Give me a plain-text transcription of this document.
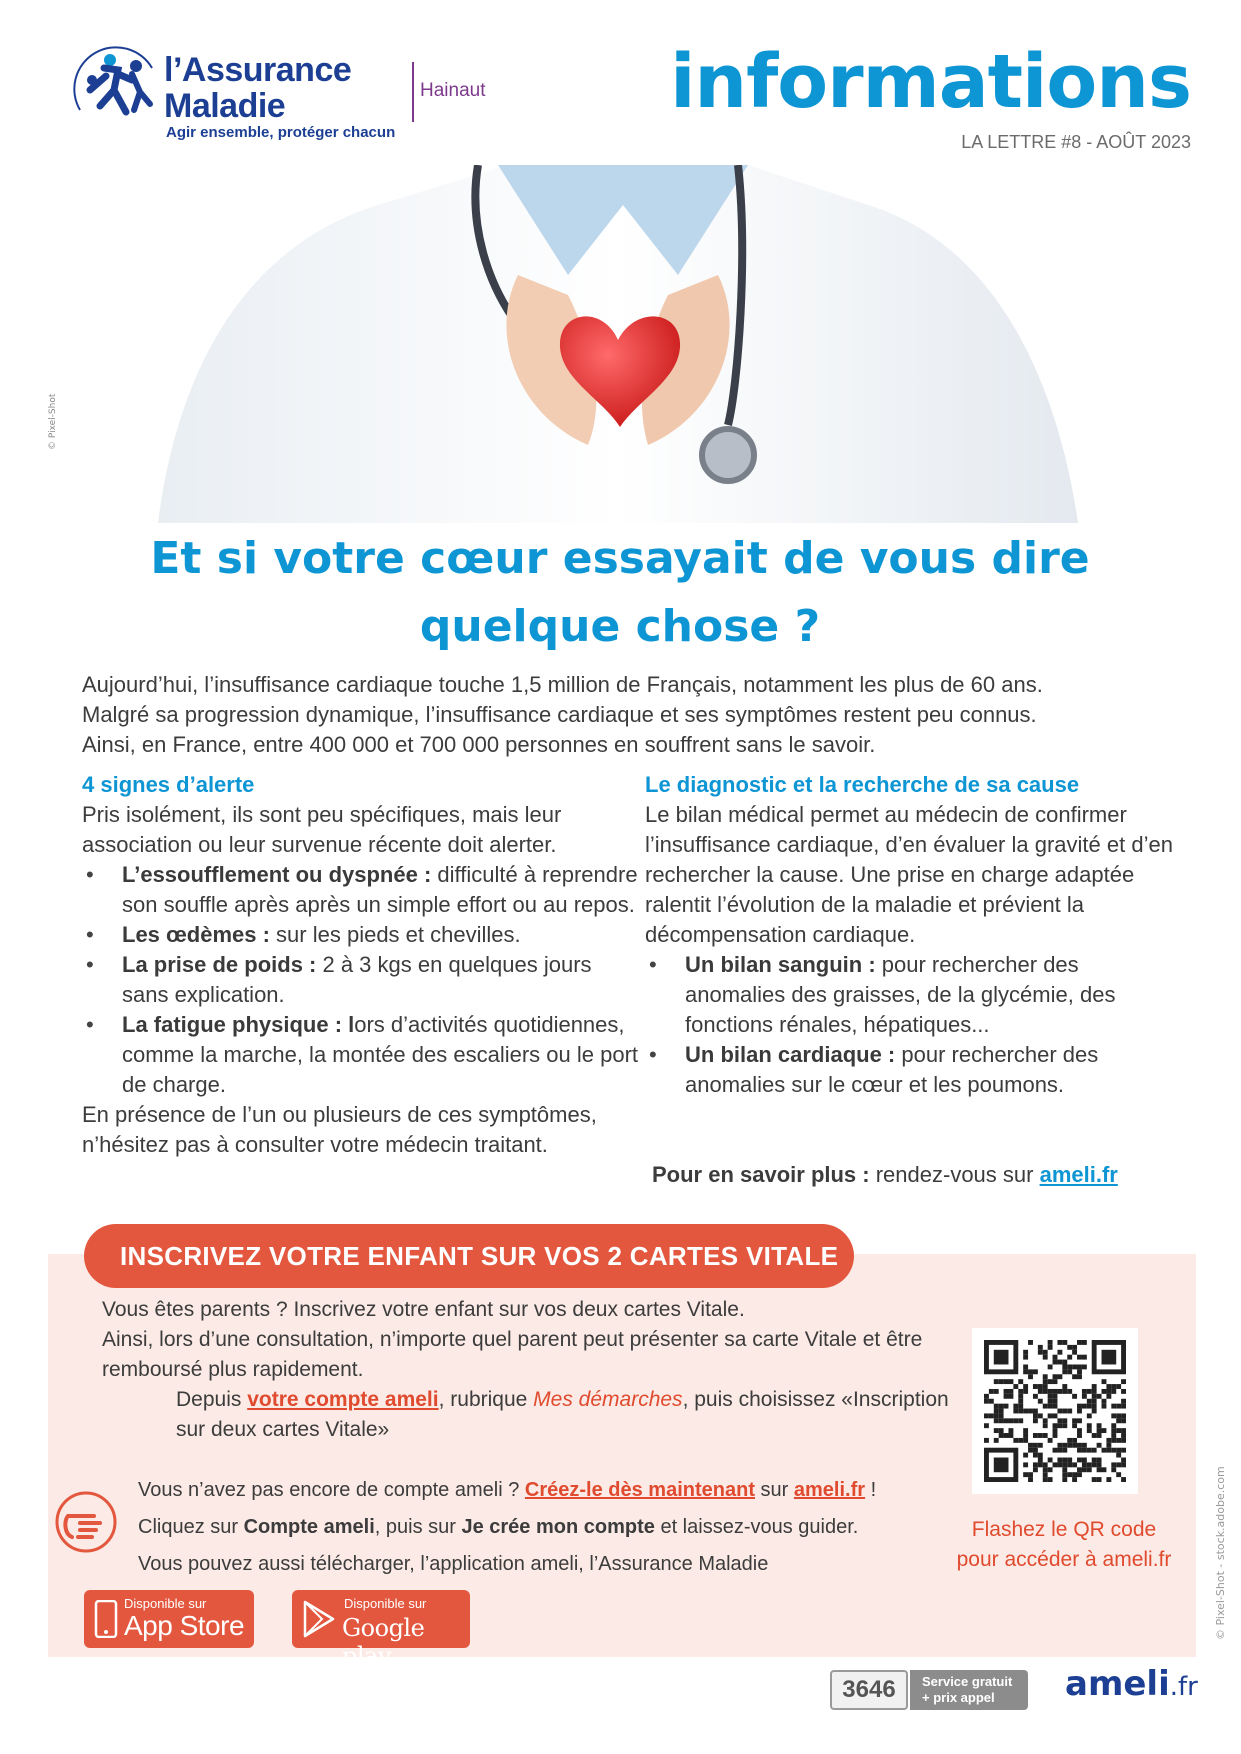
l’Assurance
Maladie
Agir ensemble, protéger chacun
Hainaut informations
LA LETTRE #8 - AOÛT 2023
© Pixel-Shot
Et si votre cœur essayait de vous dire
quelque chose ?

Aujourd’hui, l’insuffisance cardiaque touche 1,5 million de Français, notamment les plus de 60 ans.

Malgré sa progression dynamique, l’insuffisance cardiaque et ses symptômes restent peu connus.

Ainsi, en France, entre 400 000 et 700 000 personnes en souffrent sans le savoir.

4 signes d’alerte

Pris isolément, ils sont peu spécifiques, mais leur association ou leur survenue récente doit alerter.

• L’essoufflement ou dyspnée : difficulté à reprendre son souffle après après un simple effort ou au repos.
• Les œdèmes : sur les pieds et chevilles.
• La prise de poids : 2 à 3 kgs en quelques jours sans explication.
• La fatigue physique : lors d’activités quotidiennes, comme la marche, la montée des escaliers ou le port de charge.

En présence de l’un ou plusieurs de ces symptômes, n’hésitez pas à consulter votre médecin traitant.

Le diagnostic et la recherche de sa cause

Le bilan médical permet au médecin de confirmer l’insuffisance cardiaque, d’en évaluer la gravité et d’en rechercher la cause. Une prise en charge adaptée ralentit l’évolution de la maladie et prévient la décompensation cardiaque.

• Un bilan sanguin : pour rechercher des anomalies des graisses, de la glycémie, des fonctions rénales, hépatiques...
• Un bilan cardiaque : pour rechercher des anomalies sur le cœur et les poumons.
Pour en savoir plus : rendez-vous sur ameli.fr
INSCRIVEZ VOTRE ENFANT SUR VOS 2 CARTES VITALE

Vous êtes parents ? Inscrivez votre enfant sur vos deux cartes Vitale.

Ainsi, lors d’une consultation, n’importe quel parent peut présenter sa carte Vitale et être remboursé plus rapidement.

Depuis votre compte ameli, rubrique Mes démarches, puis choisissez «Inscription sur deux cartes Vitale»

Flashez le QR code
pour accéder à ameli.fr

Vous n’avez pas encore de compte ameli ? Créez-le dès maintenant sur ameli.fr !

Cliquez sur Compte ameli, puis sur Je crée mon compte et laissez-vous guider.

Vous pouvez aussi télécharger, l’application ameli, l’Assurance Maladie

Disponible sur
App Store
Disponible sur
Google play
© Pixel-Shot - stock.adobe.com
3646	Service gratuit
+ prix appel	ameli.fr
